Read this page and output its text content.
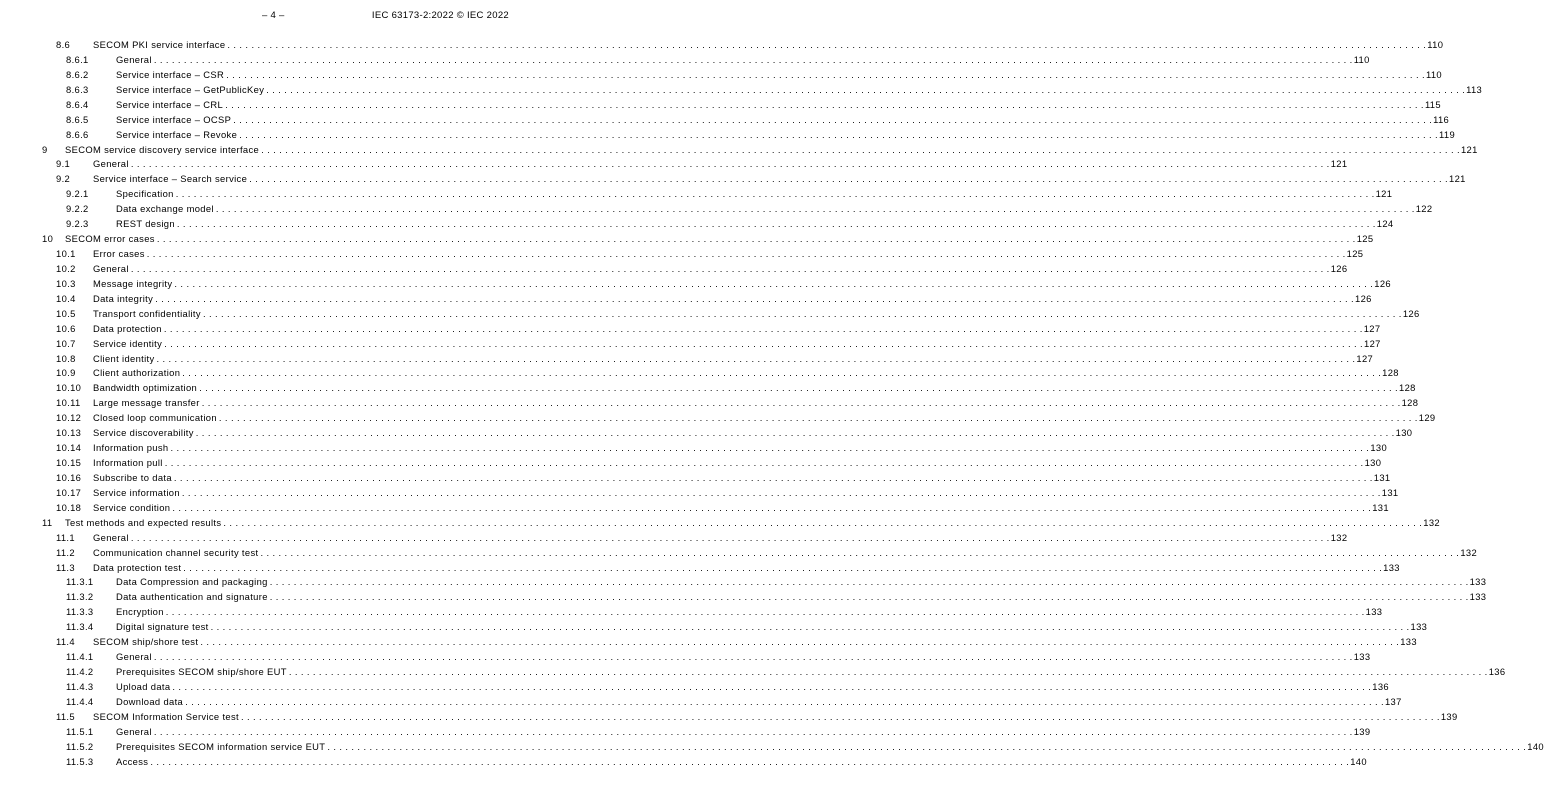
– 4 –	IEC 63173-2:2022 © IEC 2022
8.6 SECOM PKI service interface . . . . . . . . . . . . . . . . . . . . . . . . . . . . . . . . . . . . . . . . . . . . . . . . . . . . . . . . . . . . . . . . . . . . . . . . . . . . . . . . . . . . . . . . . . . . . . . . . . . . . . . . . . . . . . . . . . . . . . . . . . . . . . . . . . . . . . . . . . . . . . . . . . . . . . . . . . . . . . . . . . . . . . . . . . . . . . . . . . . . . . . . . . . . . . . . . . . . . . . . 110
8.6.1	General . . . . . . . . . . . . . . . . . . . . . . . . . . . . . . . . . . . . . . . . . . . . . . . . . . . . . . . . . . . . . . . . . . . . . . . . . . . . . . . . . . . . . . . . . . . . . . . . . . . . . . . . . . . . . . . . . . . . . . . . . . . . . . . . . . . . . . . . . . . . . . . . . . . . . . . . . . . . . . . . . . . . . . . . . . . . . . . . . . . . . . . . . . . . . . . . . . . . . . . . 110
8.6.2	Service interface – CSR . . . . . . . . . . . . . . . . . . . . . . . . . . . . . . . . . . . . . . . . . . . . . . . . . . . . . . . . . . . . . . . . . . . . . . . . . . . . . . . . . . . . . . . . . . . . . . . . . . . . . . . . . . . . . . . . . . . . . . . . . . . . . . . . . . . . . . . . . . . . . . . . . . . . . . . . . . . . . . . . . . . . . . . . . . . . . . . . . . . . . . . . . . . . . . . . . . . . . . . . 110
8.6.3	Service interface – GetPublicKey . . . . . . . . . . . . . . . . . . . . . . . . . . . . . . . . . . . . . . . . . . . . . . . . . . . . . . . . . . . . . . . . . . . . . . . . . . . . . . . . . . . . . . . . . . . . . . . . . . . . . . . . . . . . . . . . . . . . . . . . . . . . . . . . . . . . . . . . . . . . . . . . . . . . . . . . . . . . . . . . . . . . . . . . . . . . . . . . . . . . . . . . . . . . . . . . . . . . . . . . 113
8.6.4	Service interface – CRL . . . . . . . . . . . . . . . . . . . . . . . . . . . . . . . . . . . . . . . . . . . . . . . . . . . . . . . . . . . . . . . . . . . . . . . . . . . . . . . . . . . . . . . . . . . . . . . . . . . . . . . . . . . . . . . . . . . . . . . . . . . . . . . . . . . . . . . . . . . . . . . . . . . . . . . . . . . . . . . . . . . . . . . . . . . . . . . . . . . . . . . . . . . . . . . . . . . . . . . . 115
8.6.5	Service interface – OCSP . . . . . . . . . . . . . . . . . . . . . . . . . . . . . . . . . . . . . . . . . . . . . . . . . . . . . . . . . . . . . . . . . . . . . . . . . . . . . . . . . . . . . . . . . . . . . . . . . . . . . . . . . . . . . . . . . . . . . . . . . . . . . . . . . . . . . . . . . . . . . . . . . . . . . . . . . . . . . . . . . . . . . . . . . . . . . . . . . . . . . . . . . . . . . . . . . . . . . . . . 116
8.6.6	Service interface – Revoke . . . . . . . . . . . . . . . . . . . . . . . . . . . . . . . . . . . . . . . . . . . . . . . . . . . . . . . . . . . . . . . . . . . . . . . . . . . . . . . . . . . . . . . . . . . . . . . . . . . . . . . . . . . . . . . . . . . . . . . . . . . . . . . . . . . . . . . . . . . . . . . . . . . . . . . . . . . . . . . . . . . . . . . . . . . . . . . . . . . . . . . . . . . . . . . . . . . . . . . . 119
9 SECOM service discovery service interface . . . . . . . . . . . . . . . . . . . . . . . . . . . . . . . . . . . . . . . . . . . . . . . . . . . . . . . . . . . . . . . . . . . . . . . . . . . . . . . . . . . . . . . . . . . . . . . . . . . . . . . . . . . . . . . . . . . . . . . . . . . . . . . . . . . . . . . . . . . . . . . . . . . . . . . . . . . . . . . . . . . . . . . . . . . . . . . . . . . . . . . . . . . . . . . . . . . . . . . . 121
9.1 General . . . . . . . . . . . . . . . . . . . . . . . . . . . . . . . . . . . . . . . . . . . . . . . . . . . . . . . . . . . . . . . . . . . . . . . . . . . . . . . . . . . . . . . . . . . . . . . . . . . . . . . . . . . . . . . . . . . . . . . . . . . . . . . . . . . . . . . . . . . . . . . . . . . . . . . . . . . . . . . . . . . . . . . . . . . . . . . . . . . . . . . . . . . . . . . . . . . . . . . . 121
9.2 Service interface – Search service . . . . . . . . . . . . . . . . . . . . . . . . . . . . . . . . . . . . . . . . . . . . . . . . . . . . . . . . . . . . . . . . . . . . . . . . . . . . . . . . . . . . . . . . . . . . . . . . . . . . . . . . . . . . . . . . . . . . . . . . . . . . . . . . . . . . . . . . . . . . . . . . . . . . . . . . . . . . . . . . . . . . . . . . . . . . . . . . . . . . . . . . . . . . . . . . . . . . . . . . 121
9.2.1	Specification . . . . . . . . . . . . . . . . . . . . . . . . . . . . . . . . . . . . . . . . . . . . . . . . . . . . . . . . . . . . . . . . . . . . . . . . . . . . . . . . . . . . . . . . . . . . . . . . . . . . . . . . . . . . . . . . . . . . . . . . . . . . . . . . . . . . . . . . . . . . . . . . . . . . . . . . . . . . . . . . . . . . . . . . . . . . . . . . . . . . . . . . . . . . . . . . . . . . . . . . 121
9.2.2	Data exchange model . . . . . . . . . . . . . . . . . . . . . . . . . . . . . . . . . . . . . . . . . . . . . . . . . . . . . . . . . . . . . . . . . . . . . . . . . . . . . . . . . . . . . . . . . . . . . . . . . . . . . . . . . . . . . . . . . . . . . . . . . . . . . . . . . . . . . . . . . . . . . . . . . . . . . . . . . . . . . . . . . . . . . . . . . . . . . . . . . . . . . . . . . . . . . . . . . . . . . . . . 122
9.2.3	REST design . . . . . . . . . . . . . . . . . . . . . . . . . . . . . . . . . . . . . . . . . . . . . . . . . . . . . . . . . . . . . . . . . . . . . . . . . . . . . . . . . . . . . . . . . . . . . . . . . . . . . . . . . . . . . . . . . . . . . . . . . . . . . . . . . . . . . . . . . . . . . . . . . . . . . . . . . . . . . . . . . . . . . . . . . . . . . . . . . . . . . . . . . . . . . . . . . . . . . . . . 124
10 SECOM error cases . . . . . . . . . . . . . . . . . . . . . . . . . . . . . . . . . . . . . . . . . . . . . . . . . . . . . . . . . . . . . . . . . . . . . . . . . . . . . . . . . . . . . . . . . . . . . . . . . . . . . . . . . . . . . . . . . . . . . . . . . . . . . . . . . . . . . . . . . . . . . . . . . . . . . . . . . . . . . . . . . . . . . . . . . . . . . . . . . . . . . . . . . . . . . . . . . . . . . . . . 125
10.1 Error cases . . . . . . . . . . . . . . . . . . . . . . . . . . . . . . . . . . . . . . . . . . . . . . . . . . . . . . . . . . . . . . . . . . . . . . . . . . . . . . . . . . . . . . . . . . . . . . . . . . . . . . . . . . . . . . . . . . . . . . . . . . . . . . . . . . . . . . . . . . . . . . . . . . . . . . . . . . . . . . . . . . . . . . . . . . . . . . . . . . . . . . . . . . . . . . . . . . . . . . . . 125
10.2 General . . . . . . . . . . . . . . . . . . . . . . . . . . . . . . . . . . . . . . . . . . . . . . . . . . . . . . . . . . . . . . . . . . . . . . . . . . . . . . . . . . . . . . . . . . . . . . . . . . . . . . . . . . . . . . . . . . . . . . . . . . . . . . . . . . . . . . . . . . . . . . . . . . . . . . . . . . . . . . . . . . . . . . . . . . . . . . . . . . . . . . . . . . . . . . . . . . . . . . . . 126
10.3 Message integrity . . . . . . . . . . . . . . . . . . . . . . . . . . . . . . . . . . . . . . . . . . . . . . . . . . . . . . . . . . . . . . . . . . . . . . . . . . . . . . . . . . . . . . . . . . . . . . . . . . . . . . . . . . . . . . . . . . . . . . . . . . . . . . . . . . . . . . . . . . . . . . . . . . . . . . . . . . . . . . . . . . . . . . . . . . . . . . . . . . . . . . . . . . . . . . . . . . . . . . . . 126
10.4 Data integrity . . . . . . . . . . . . . . . . . . . . . . . . . . . . . . . . . . . . . . . . . . . . . . . . . . . . . . . . . . . . . . . . . . . . . . . . . . . . . . . . . . . . . . . . . . . . . . . . . . . . . . . . . . . . . . . . . . . . . . . . . . . . . . . . . . . . . . . . . . . . . . . . . . . . . . . . . . . . . . . . . . . . . . . . . . . . . . . . . . . . . . . . . . . . . . . . . . . . . . . . 126
10.5 Transport confidentiality . . . . . . . . . . . . . . . . . . . . . . . . . . . . . . . . . . . . . . . . . . . . . . . . . . . . . . . . . . . . . . . . . . . . . . . . . . . . . . . . . . . . . . . . . . . . . . . . . . . . . . . . . . . . . . . . . . . . . . . . . . . . . . . . . . . . . . . . . . . . . . . . . . . . . . . . . . . . . . . . . . . . . . . . . . . . . . . . . . . . . . . . . . . . . . . . . . . . . . . . 126
10.6 Data protection . . . . . . . . . . . . . . . . . . . . . . . . . . . . . . . . . . . . . . . . . . . . . . . . . . . . . . . . . . . . . . . . . . . . . . . . . . . . . . . . . . . . . . . . . . . . . . . . . . . . . . . . . . . . . . . . . . . . . . . . . . . . . . . . . . . . . . . . . . . . . . . . . . . . . . . . . . . . . . . . . . . . . . . . . . . . . . . . . . . . . . . . . . . . . . . . . . . . . . . . 127
10.7 Service identity . . . . . . . . . . . . . . . . . . . . . . . . . . . . . . . . . . . . . . . . . . . . . . . . . . . . . . . . . . . . . . . . . . . . . . . . . . . . . . . . . . . . . . . . . . . . . . . . . . . . . . . . . . . . . . . . . . . . . . . . . . . . . . . . . . . . . . . . . . . . . . . . . . . . . . . . . . . . . . . . . . . . . . . . . . . . . . . . . . . . . . . . . . . . . . . . . . . . . . . . 127
10.8 Client identity . . . . . . . . . . . . . . . . . . . . . . . . . . . . . . . . . . . . . . . . . . . . . . . . . . . . . . . . . . . . . . . . . . . . . . . . . . . . . . . . . . . . . . . . . . . . . . . . . . . . . . . . . . . . . . . . . . . . . . . . . . . . . . . . . . . . . . . . . . . . . . . . . . . . . . . . . . . . . . . . . . . . . . . . . . . . . . . . . . . . . . . . . . . . . . . . . . . . . . . . 127
10.9 Client authorization . . . . . . . . . . . . . . . . . . . . . . . . . . . . . . . . . . . . . . . . . . . . . . . . . . . . . . . . . . . . . . . . . . . . . . . . . . . . . . . . . . . . . . . . . . . . . . . . . . . . . . . . . . . . . . . . . . . . . . . . . . . . . . . . . . . . . . . . . . . . . . . . . . . . . . . . . . . . . . . . . . . . . . . . . . . . . . . . . . . . . . . . . . . . . . . . . . . . . . . . 128
10.10 Bandwidth optimization . . . . . . . . . . . . . . . . . . . . . . . . . . . . . . . . . . . . . . . . . . . . . . . . . . . . . . . . . . . . . . . . . . . . . . . . . . . . . . . . . . . . . . . . . . . . . . . . . . . . . . . . . . . . . . . . . . . . . . . . . . . . . . . . . . . . . . . . . . . . . . . . . . . . . . . . . . . . . . . . . . . . . . . . . . . . . . . . . . . . . . . . . . . . . . . . . . . . . . . . 128
10.11 Large message transfer . . . . . . . . . . . . . . . . . . . . . . . . . . . . . . . . . . . . . . . . . . . . . . . . . . . . . . . . . . . . . . . . . . . . . . . . . . . . . . . . . . . . . . . . . . . . . . . . . . . . . . . . . . . . . . . . . . . . . . . . . . . . . . . . . . . . . . . . . . . . . . . . . . . . . . . . . . . . . . . . . . . . . . . . . . . . . . . . . . . . . . . . . . . . . . . . . . . . . . . . 128
10.12 Closed loop communication . . . . . . . . . . . . . . . . . . . . . . . . . . . . . . . . . . . . . . . . . . . . . . . . . . . . . . . . . . . . . . . . . . . . . . . . . . . . . . . . . . . . . . . . . . . . . . . . . . . . . . . . . . . . . . . . . . . . . . . . . . . . . . . . . . . . . . . . . . . . . . . . . . . . . . . . . . . . . . . . . . . . . . . . . . . . . . . . . . . . . . . . . . . . . . . . . . . . . . . . 129
10.13 Service discoverability . . . . . . . . . . . . . . . . . . . . . . . . . . . . . . . . . . . . . . . . . . . . . . . . . . . . . . . . . . . . . . . . . . . . . . . . . . . . . . . . . . . . . . . . . . . . . . . . . . . . . . . . . . . . . . . . . . . . . . . . . . . . . . . . . . . . . . . . . . . . . . . . . . . . . . . . . . . . . . . . . . . . . . . . . . . . . . . . . . . . . . . . . . . . . . . . . . . . . . . . 130
10.14 Information push . . . . . . . . . . . . . . . . . . . . . . . . . . . . . . . . . . . . . . . . . . . . . . . . . . . . . . . . . . . . . . . . . . . . . . . . . . . . . . . . . . . . . . . . . . . . . . . . . . . . . . . . . . . . . . . . . . . . . . . . . . . . . . . . . . . . . . . . . . . . . . . . . . . . . . . . . . . . . . . . . . . . . . . . . . . . . . . . . . . . . . . . . . . . . . . . . . . . . . . . 130
10.15 Information pull . . . . . . . . . . . . . . . . . . . . . . . . . . . . . . . . . . . . . . . . . . . . . . . . . . . . . . . . . . . . . . . . . . . . . . . . . . . . . . . . . . . . . . . . . . . . . . . . . . . . . . . . . . . . . . . . . . . . . . . . . . . . . . . . . . . . . . . . . . . . . . . . . . . . . . . . . . . . . . . . . . . . . . . . . . . . . . . . . . . . . . . . . . . . . . . . . . . . . . . . 130
10.16 Subscribe to data . . . . . . . . . . . . . . . . . . . . . . . . . . . . . . . . . . . . . . . . . . . . . . . . . . . . . . . . . . . . . . . . . . . . . . . . . . . . . . . . . . . . . . . . . . . . . . . . . . . . . . . . . . . . . . . . . . . . . . . . . . . . . . . . . . . . . . . . . . . . . . . . . . . . . . . . . . . . . . . . . . . . . . . . . . . . . . . . . . . . . . . . . . . . . . . . . . . . . . . . 131
10.17 Service information . . . . . . . . . . . . . . . . . . . . . . . . . . . . . . . . . . . . . . . . . . . . . . . . . . . . . . . . . . . . . . . . . . . . . . . . . . . . . . . . . . . . . . . . . . . . . . . . . . . . . . . . . . . . . . . . . . . . . . . . . . . . . . . . . . . . . . . . . . . . . . . . . . . . . . . . . . . . . . . . . . . . . . . . . . . . . . . . . . . . . . . . . . . . . . . . . . . . . . . . 131
10.18 Service condition . . . . . . . . . . . . . . . . . . . . . . . . . . . . . . . . . . . . . . . . . . . . . . . . . . . . . . . . . . . . . . . . . . . . . . . . . . . . . . . . . . . . . . . . . . . . . . . . . . . . . . . . . . . . . . . . . . . . . . . . . . . . . . . . . . . . . . . . . . . . . . . . . . . . . . . . . . . . . . . . . . . . . . . . . . . . . . . . . . . . . . . . . . . . . . . . . . . . . . . . 131
11 Test methods and expected results . . . . . . . . . . . . . . . . . . . . . . . . . . . . . . . . . . . . . . . . . . . . . . . . . . . . . . . . . . . . . . . . . . . . . . . . . . . . . . . . . . . . . . . . . . . . . . . . . . . . . . . . . . . . . . . . . . . . . . . . . . . . . . . . . . . . . . . . . . . . . . . . . . . . . . . . . . . . . . . . . . . . . . . . . . . . . . . . . . . . . . . . . . . . . . . . . . . . . . . . 132
11.1 General . . . . . . . . . . . . . . . . . . . . . . . . . . . . . . . . . . . . . . . . . . . . . . . . . . . . . . . . . . . . . . . . . . . . . . . . . . . . . . . . . . . . . . . . . . . . . . . . . . . . . . . . . . . . . . . . . . . . . . . . . . . . . . . . . . . . . . . . . . . . . . . . . . . . . . . . . . . . . . . . . . . . . . . . . . . . . . . . . . . . . . . . . . . . . . . . . . . . . . . . 132
11.2 Communication channel security test . . . . . . . . . . . . . . . . . . . . . . . . . . . . . . . . . . . . . . . . . . . . . . . . . . . . . . . . . . . . . . . . . . . . . . . . . . . . . . . . . . . . . . . . . . . . . . . . . . . . . . . . . . . . . . . . . . . . . . . . . . . . . . . . . . . . . . . . . . . . . . . . . . . . . . . . . . . . . . . . . . . . . . . . . . . . . . . . . . . . . . . . . . . . . . . . . . . . . . . . 132
11.3 Data protection test . . . . . . . . . . . . . . . . . . . . . . . . . . . . . . . . . . . . . . . . . . . . . . . . . . . . . . . . . . . . . . . . . . . . . . . . . . . . . . . . . . . . . . . . . . . . . . . . . . . . . . . . . . . . . . . . . . . . . . . . . . . . . . . . . . . . . . . . . . . . . . . . . . . . . . . . . . . . . . . . . . . . . . . . . . . . . . . . . . . . . . . . . . . . . . . . . . . . . . . . 133
11.3.1 Data Compression and packaging . . . . . . . . . . . . . . . . . . . . . . . . . . . . . . . . . . . . . . . . . . . . . . . . . . . . . . . . . . . . . . . . . . . . . . . . . . . . . . . . . . . . . . . . . . . . . . . . . . . . . . . . . . . . . . . . . . . . . . . . . . . . . . . . . . . . . . . . . . . . . . . . . . . . . . . . . . . . . . . . . . . . . . . . . . . . . . . . . . . . . . . . . . . . . . . . . . . . . . . . 133
11.3.2 Data authentication and signature . . . . . . . . . . . . . . . . . . . . . . . . . . . . . . . . . . . . . . . . . . . . . . . . . . . . . . . . . . . . . . . . . . . . . . . . . . . . . . . . . . . . . . . . . . . . . . . . . . . . . . . . . . . . . . . . . . . . . . . . . . . . . . . . . . . . . . . . . . . . . . . . . . . . . . . . . . . . . . . . . . . . . . . . . . . . . . . . . . . . . . . . . . . . . . . . . . . . . . . . 133
11.3.3 Encryption . . . . . . . . . . . . . . . . . . . . . . . . . . . . . . . . . . . . . . . . . . . . . . . . . . . . . . . . . . . . . . . . . . . . . . . . . . . . . . . . . . . . . . . . . . . . . . . . . . . . . . . . . . . . . . . . . . . . . . . . . . . . . . . . . . . . . . . . . . . . . . . . . . . . . . . . . . . . . . . . . . . . . . . . . . . . . . . . . . . . . . . . . . . . . . . . . . . . . . . . 133
11.3.4 Digital signature test . . . . . . . . . . . . . . . . . . . . . . . . . . . . . . . . . . . . . . . . . . . . . . . . . . . . . . . . . . . . . . . . . . . . . . . . . . . . . . . . . . . . . . . . . . . . . . . . . . . . . . . . . . . . . . . . . . . . . . . . . . . . . . . . . . . . . . . . . . . . . . . . . . . . . . . . . . . . . . . . . . . . . . . . . . . . . . . . . . . . . . . . . . . . . . . . . . . . . . . . 133
11.4 SECOM ship/shore test . . . . . . . . . . . . . . . . . . . . . . . . . . . . . . . . . . . . . . . . . . . . . . . . . . . . . . . . . . . . . . . . . . . . . . . . . . . . . . . . . . . . . . . . . . . . . . . . . . . . . . . . . . . . . . . . . . . . . . . . . . . . . . . . . . . . . . . . . . . . . . . . . . . . . . . . . . . . . . . . . . . . . . . . . . . . . . . . . . . . . . . . . . . . . . . . . . . . . . . . 133
11.4.1 General . . . . . . . . . . . . . . . . . . . . . . . . . . . . . . . . . . . . . . . . . . . . . . . . . . . . . . . . . . . . . . . . . . . . . . . . . . . . . . . . . . . . . . . . . . . . . . . . . . . . . . . . . . . . . . . . . . . . . . . . . . . . . . . . . . . . . . . . . . . . . . . . . . . . . . . . . . . . . . . . . . . . . . . . . . . . . . . . . . . . . . . . . . . . . . . . . . . . . . . . 133
11.4.2 Prerequisites SECOM ship/shore EUT . . . . . . . . . . . . . . . . . . . . . . . . . . . . . . . . . . . . . . . . . . . . . . . . . . . . . . . . . . . . . . . . . . . . . . . . . . . . . . . . . . . . . . . . . . . . . . . . . . . . . . . . . . . . . . . . . . . . . . . . . . . . . . . . . . . . . . . . . . . . . . . . . . . . . . . . . . . . . . . . . . . . . . . . . . . . . . . . . . . . . . . . . . . . . . . . . . . . . . . . 136
11.4.3 Upload data . . . . . . . . . . . . . . . . . . . . . . . . . . . . . . . . . . . . . . . . . . . . . . . . . . . . . . . . . . . . . . . . . . . . . . . . . . . . . . . . . . . . . . . . . . . . . . . . . . . . . . . . . . . . . . . . . . . . . . . . . . . . . . . . . . . . . . . . . . . . . . . . . . . . . . . . . . . . . . . . . . . . . . . . . . . . . . . . . . . . . . . . . . . . . . . . . . . . . . . . 136
11.4.4 Download data . . . . . . . . . . . . . . . . . . . . . . . . . . . . . . . . . . . . . . . . . . . . . . . . . . . . . . . . . . . . . . . . . . . . . . . . . . . . . . . . . . . . . . . . . . . . . . . . . . . . . . . . . . . . . . . . . . . . . . . . . . . . . . . . . . . . . . . . . . . . . . . . . . . . . . . . . . . . . . . . . . . . . . . . . . . . . . . . . . . . . . . . . . . . . . . . . . . . . . . . 137
11.5 SECOM Information Service test . . . . . . . . . . . . . . . . . . . . . . . . . . . . . . . . . . . . . . . . . . . . . . . . . . . . . . . . . . . . . . . . . . . . . . . . . . . . . . . . . . . . . . . . . . . . . . . . . . . . . . . . . . . . . . . . . . . . . . . . . . . . . . . . . . . . . . . . . . . . . . . . . . . . . . . . . . . . . . . . . . . . . . . . . . . . . . . . . . . . . . . . . . . . . . . . . . . . . . . . 139
11.5.1 General . . . . . . . . . . . . . . . . . . . . . . . . . . . . . . . . . . . . . . . . . . . . . . . . . . . . . . . . . . . . . . . . . . . . . . . . . . . . . . . . . . . . . . . . . . . . . . . . . . . . . . . . . . . . . . . . . . . . . . . . . . . . . . . . . . . . . . . . . . . . . . . . . . . . . . . . . . . . . . . . . . . . . . . . . . . . . . . . . . . . . . . . . . . . . . . . . . . . . . . . 139
11.5.2 Prerequisites SECOM information service EUT . . . . . . . . . . . . . . . . . . . . . . . . . . . . . . . . . . . . . . . . . . . . . . . . . . . . . . . . . . . . . . . . . . . . . . . . . . . . . . . . . . . . . . . . . . . . . . . . . . . . . . . . . . . . . . . . . . . . . . . . . . . . . . . . . . . . . . . . . . . . . . . . . . . . . . . . . . . . . . . . . . . . . . . . . . . . . . . . . . . . . . . . . . . . . . . . . . . . . . . . 140
11.5.3 Access . . . . . . . . . . . . . . . . . . . . . . . . . . . . . . . . . . . . . . . . . . . . . . . . . . . . . . . . . . . . . . . . . . . . . . . . . . . . . . . . . . . . . . . . . . . . . . . . . . . . . . . . . . . . . . . . . . . . . . . . . . . . . . . . . . . . . . . . . . . . . . . . . . . . . . . . . . . . . . . . . . . . . . . . . . . . . . . . . . . . . . . . . . . . . . . . . . . . . . . . 140
